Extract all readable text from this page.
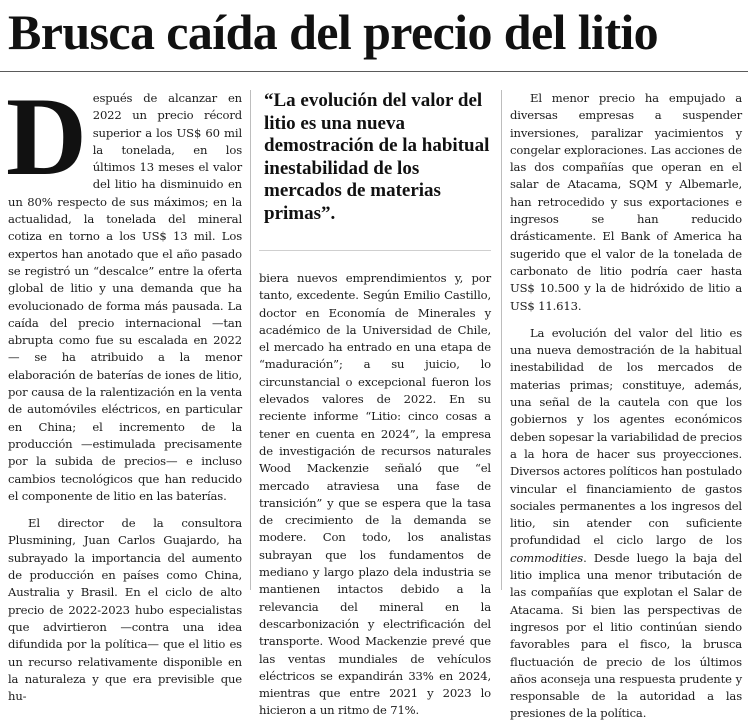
Brusca caída del precio del litio

Después de alcanzar en 2022 un precio récord superior a los US$ 60 mil la tonelada, en los últimos 13 meses el valor del litio ha disminuido en un 80% respecto de sus máximos; en la actualidad, la tonelada del mineral cotiza en torno a los US$ 13 mil. Los expertos han anotado que el año pasado se registró un “descalce” entre la oferta global de litio y una demanda que ha evolucionado de forma más pausada. La caída del precio internacional —tan abrupta como fue su escalada en 2022 — se ha atribuido a la menor elaboración de baterías de iones de litio, por causa de la ralentización en la venta de automóviles eléctricos, en particular en China; el incremento de la producción —estimulada precisamente por la subida de precios— e incluso cambios tecnológicos que han reducido el componente de litio en las baterías.

El director de la consultora Plusmining, Juan Carlos Guajardo, ha subrayado la importancia del aumento de producción en países como China, Australia y Brasil. En el ciclo de alto precio de 2022-2023 hubo especialistas que advirtieron —contra una idea difundida por la política— que el litio es un recurso relativamente disponible en la naturaleza y que era previsible que hu-

“La evolución del valor del litio es una nueva demostración de la habitual inestabilidad de los mercados de materias primas”.

biera nuevos emprendimientos y, por tanto, excedente. Según Emilio Castillo, doctor en Economía de Minerales y académico de la Universidad de Chile, el mercado ha entrado en una etapa de “maduración”; a su juicio, lo circunstancial o excepcional fueron los elevados valores de 2022. En su reciente informe “Litio: cinco cosas a tener en cuenta en 2024”, la empresa de investigación de recursos naturales Wood Mackenzie señaló que “el mercado atraviesa una fase de transición” y que se espera que la tasa de crecimiento de la demanda se modere. Con todo, los analistas subrayan que los fundamentos de mediano y largo plazo dela industria se mantienen intactos debido a la relevancia del mineral en la descarbonización y electrificación del transporte. Wood Mackenzie prevé que las ventas mundiales de vehículos eléctricos se expandirán 33% en 2024, mientras que entre 2021 y 2023 lo hicieron a un ritmo de 71%.

El menor precio ha empujado a diversas empresas a suspender inversiones, paralizar yacimientos y congelar exploraciones. Las acciones de las dos compañías que operan en el salar de Atacama, SQM y Albemarle, han retrocedido y sus exportaciones e ingresos se han reducido drásticamente. El Bank of America ha sugerido que el valor de la tonelada de carbonato de litio podría caer hasta US$ 10.500 y la de hidróxido de litio a US$ 11.613.

La evolución del valor del litio es una nueva demostración de la habitual inestabilidad de los mercados de materias primas; constituye, además, una señal de la cautela con que los gobiernos y los agentes económicos deben sopesar la variabilidad de precios a la hora de hacer sus proyecciones. Diversos actores políticos han postulado vincular el financiamiento de gastos sociales permanentes a los ingresos del litio, sin atender con suficiente profundidad el ciclo largo de los commodities. Desde luego la baja del litio implica una menor tributación de las compañías que explotan el Salar de Atacama. Si bien las perspectivas de ingresos por el litio continúan siendo favorables para el fisco, la brusca fluctuación de precio de los últimos años aconseja una respuesta prudente y responsable de la autoridad a las presiones de la política.
